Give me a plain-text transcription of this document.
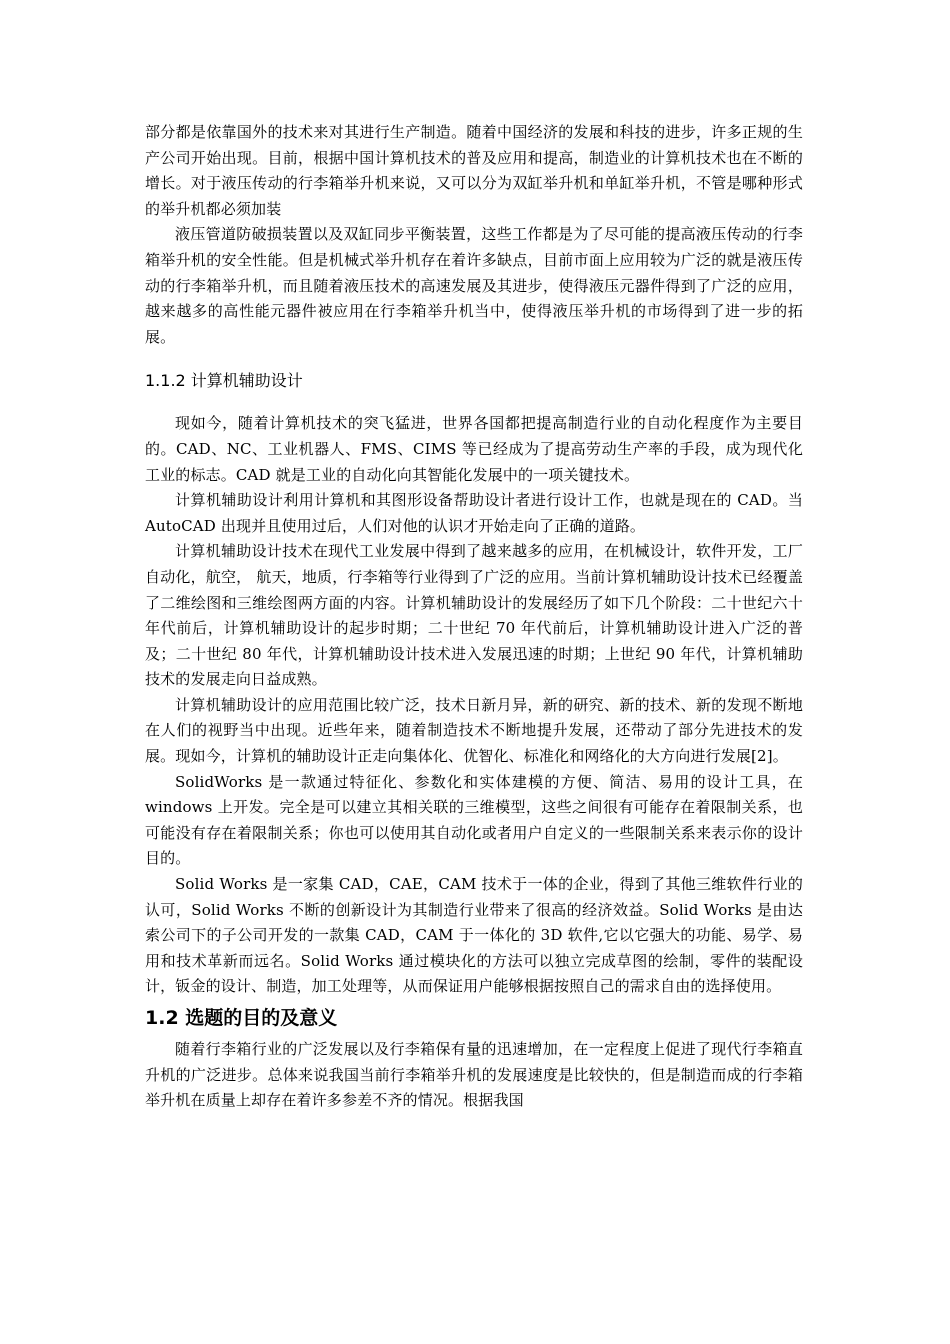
部分都是依靠国外的技术来对其进行生产制造。随着中国经济的发展和科技的进步，许多正规的生产公司开始出现。目前，根据中国计算机技术的普及应用和提高，制造业的计算机技术也在不断的增长。对于液压传动的行李箱举升机来说，又可以分为双缸举升机和单缸举升机，不管是哪种形式的举升机都必须加装

液压管道防破损装置以及双缸同步平衡装置，这些工作都是为了尽可能的提高液压传动的行李箱举升机的安全性能。但是机械式举升机存在着许多缺点，目前市面上应用较为广泛的就是液压传动的行李箱举升机，而且随着液压技术的高速发展及其进步，使得液压元器件得到了广泛的应用，越来越多的高性能元器件被应用在行李箱举升机当中，使得液压举升机的市场得到了进一步的拓展。

1.1.2 计算机辅助设计

现如今，随着计算机技术的突飞猛进，世界各国都把提高制造行业的自动化程度作为主要目的。CAD、NC、工业机器人、FMS、CIMS 等已经成为了提高劳动生产率的手段，成为现代化工业的标志。CAD 就是工业的自动化向其智能化发展中的一项关键技术。

计算机辅助设计利用计算机和其图形设备帮助设计者进行设计工作，也就是现在的 CAD。当 AutoCAD 出现并且使用过后，人们对他的认识才开始走向了正确的道路。

计算机辅助设计技术在现代工业发展中得到了越来越多的应用，在机械设计，软件开发，工厂自动化，航空， 航天，地质，行李箱等行业得到了广泛的应用。当前计算机辅助设计技术已经覆盖了二维绘图和三维绘图两方面的内容。计算机辅助设计的发展经历了如下几个阶段：二十世纪六十年代前后，计算机辅助设计的起步时期；二十世纪 70 年代前后，计算机辅助设计进入广泛的普及；二十世纪 80 年代，计算机辅助设计技术进入发展迅速的时期；上世纪 90 年代，计算机辅助技术的发展走向日益成熟。

计算机辅助设计的应用范围比较广泛，技术日新月异，新的研究、新的技术、新的发现不断地在人们的视野当中出现。近些年来，随着制造技术不断地提升发展，还带动了部分先进技术的发展。现如今，计算机的辅助设计正走向集体化、优智化、标准化和网络化的大方向进行发展[2]。

SolidWorks 是一款通过特征化、参数化和实体建模的方便、简洁、易用的设计工具，在 windows 上开发。完全是可以建立其相关联的三维模型，这些之间很有可能存在着限制关系，也可能没有存在着限制关系；你也可以使用其自动化或者用户自定义的一些限制关系来表示你的设计目的。

Solid Works 是一家集 CAD，CAE，CAM 技术于一体的企业，得到了其他三维软件行业的认可，Solid Works 不断的创新设计为其制造行业带来了很高的经济效益。Solid Works 是由达索公司下的子公司开发的一款集 CAD，CAM 于一体化的 3D 软件,它以它强大的功能、易学、易用和技术革新而远名。Solid Works 通过模块化的方法可以独立完成草图的绘制，零件的装配设计，钣金的设计、制造，加工处理等，从而保证用户能够根据按照自己的需求自由的选择使用。

1.2 选题的目的及意义

随着行李箱行业的广泛发展以及行李箱保有量的迅速增加，在一定程度上促进了现代行李箱直升机的广泛进步。总体来说我国当前行李箱举升机的发展速度是比较快的，但是制造而成的行李箱举升机在质量上却存在着许多参差不齐的情况。根据我国
